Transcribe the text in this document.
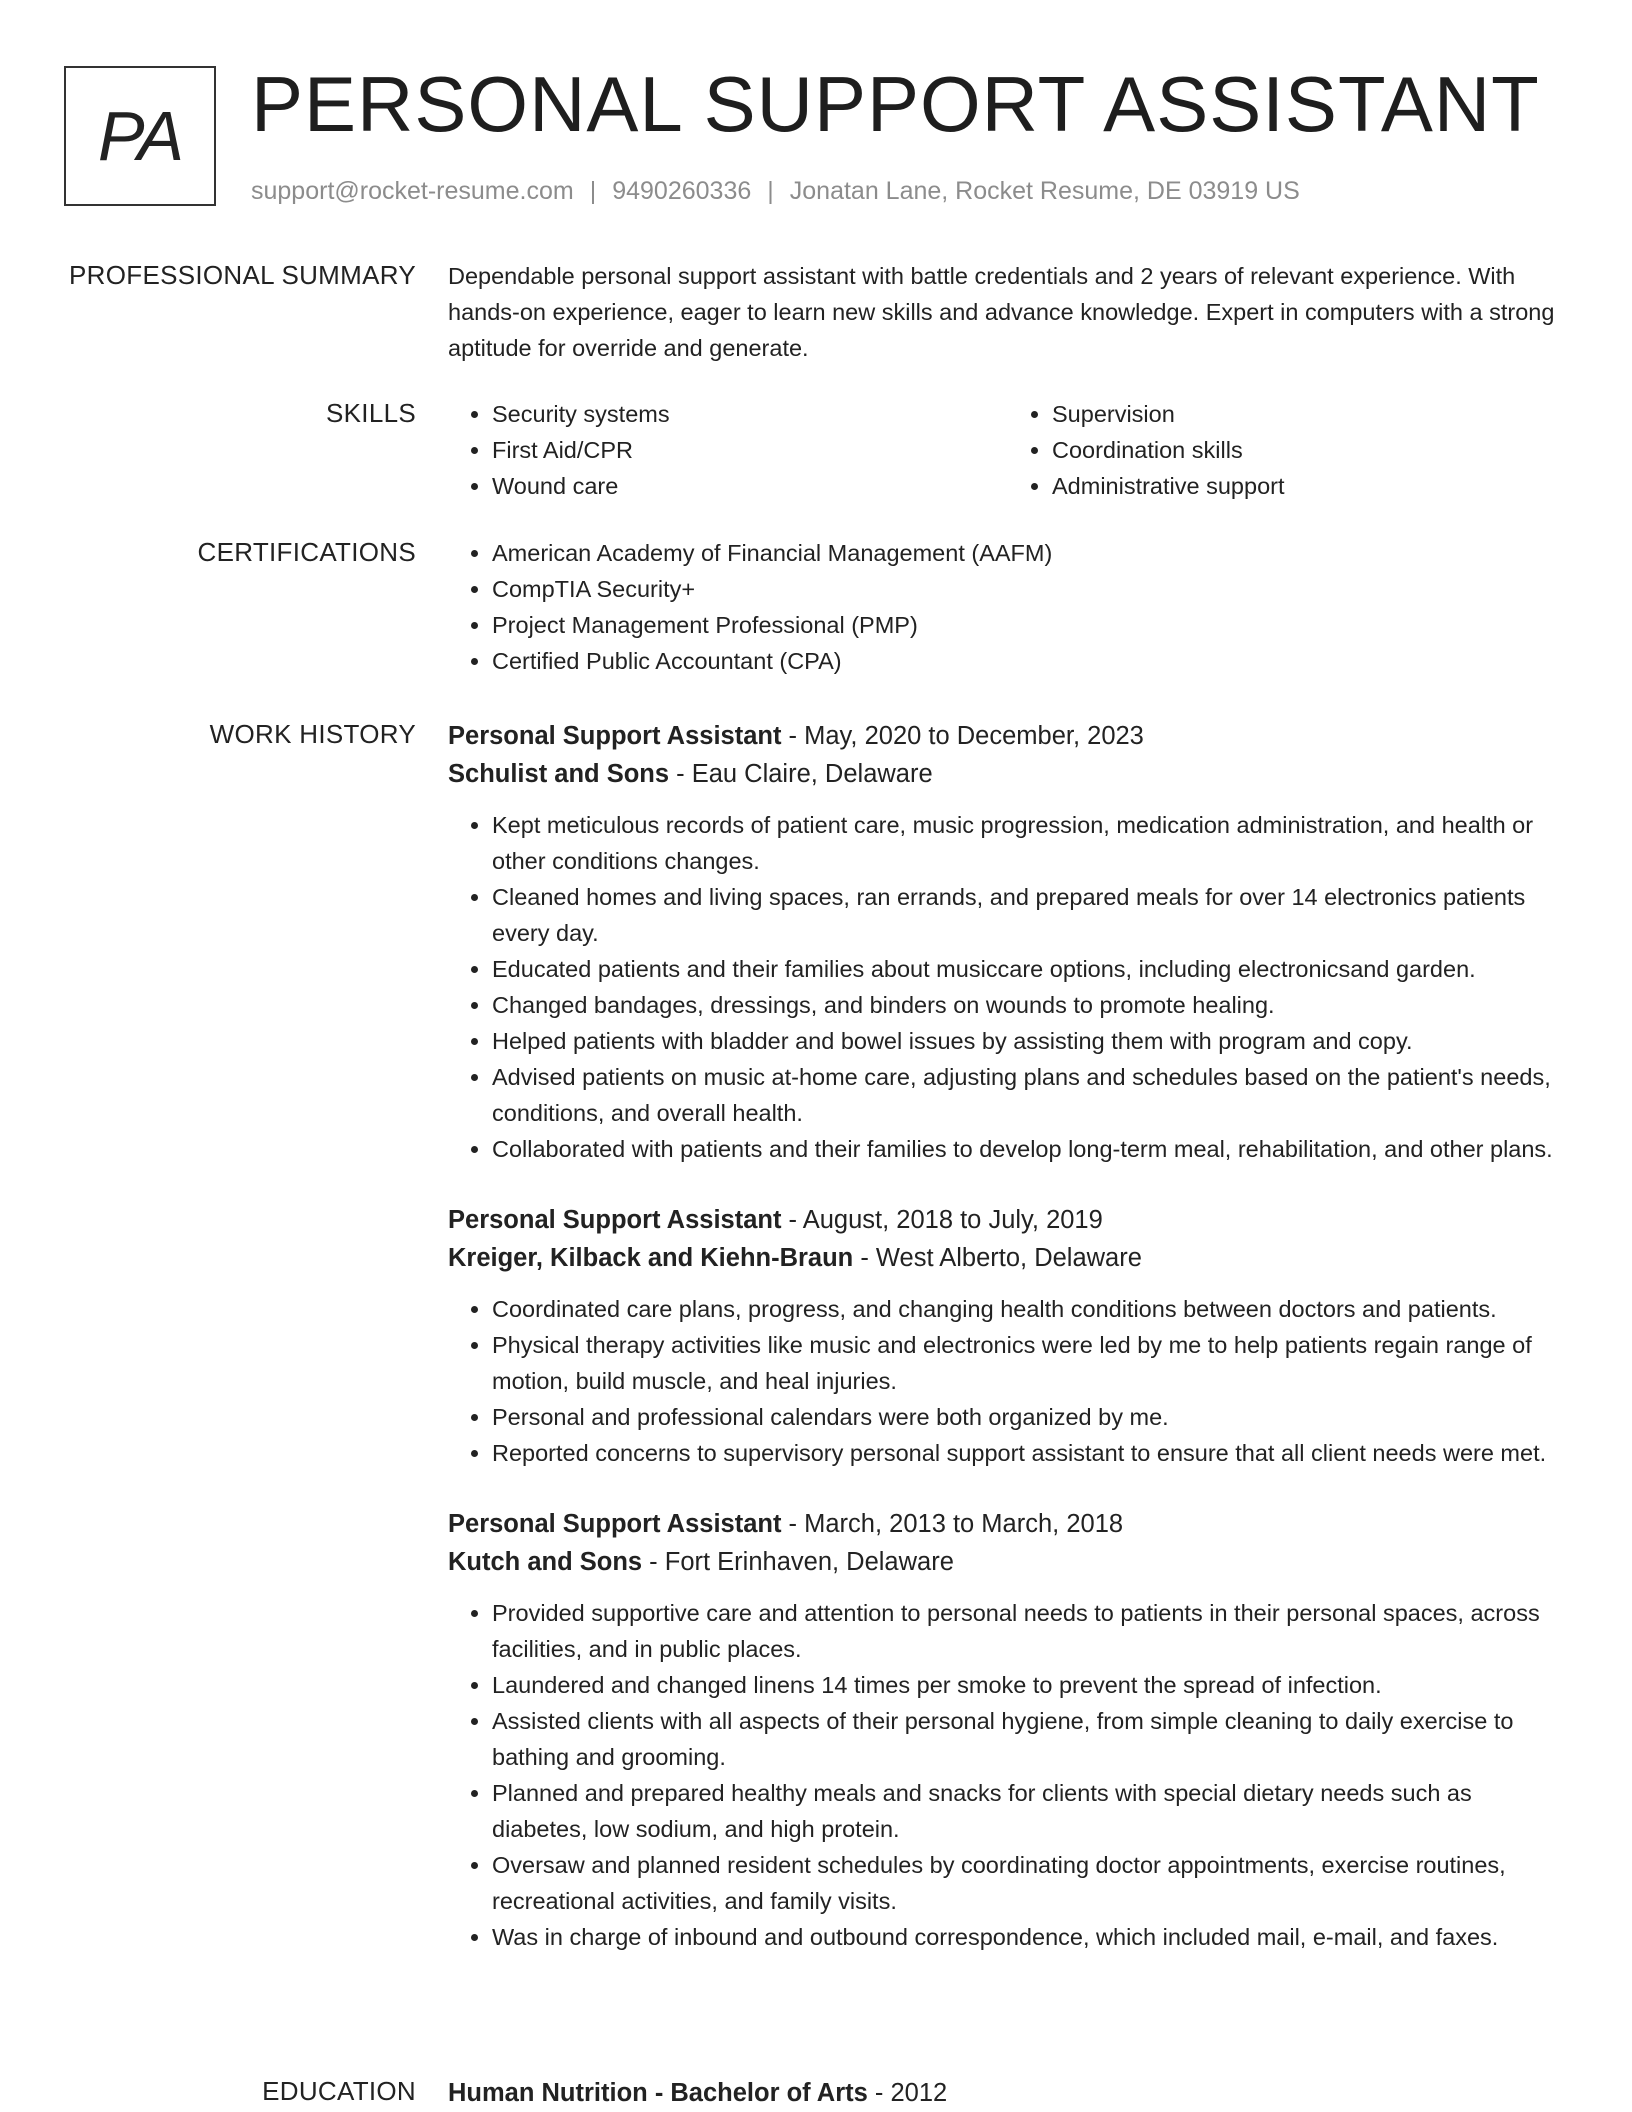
PA PERSONAL SUPPORT ASSISTANT
support@rocket-resume.com | 9490260336 | Jonatan Lane, Rocket Resume, DE 03919 US
PROFESSIONAL SUMMARY Dependable personal support assistant with battle credentials and 2 years of relevant experience. With hands-on experience, eager to learn new skills and advance knowledge. Expert in computers with a strong aptitude for override and generate.

SKILLS	• Security systems
• First Aid/CPR
• Wound care
• Supervision
• Coordination skills
• Administrative support
CERTIFICATIONS	• American Academy of Financial Management (AAFM)
• CompTIA Security+
• Project Management Professional (PMP)
• Certified Public Accountant (CPA)
WORK HISTORY Personal Support Assistant - May, 2020 to December, 2023

Schulist and Sons - Eau Claire, Delaware

• Kept meticulous records of patient care, music progression, medication administration, and health or other conditions changes.
• Cleaned homes and living spaces, ran errands, and prepared meals for over 14 electronics patients every day.
• Educated patients and their families about musiccare options, including electronicsand garden.
• Changed bandages, dressings, and binders on wounds to promote healing.
• Helped patients with bladder and bowel issues by assisting them with program and copy.
• Advised patients on music at-home care, adjusting plans and schedules based on the patient's needs, conditions, and overall health.
• Collaborated with patients and their families to develop long-term meal, rehabilitation, and other plans.

Personal Support Assistant - August, 2018 to July, 2019

Kreiger, Kilback and Kiehn-Braun - West Alberto, Delaware

• Coordinated care plans, progress, and changing health conditions between doctors and patients.
• Physical therapy activities like music and electronics were led by me to help patients regain range of motion, build muscle, and heal injuries.
• Personal and professional calendars were both organized by me.
• Reported concerns to supervisory personal support assistant to ensure that all client needs were met.

Personal Support Assistant - March, 2013 to March, 2018

Kutch and Sons - Fort Erinhaven, Delaware

• Provided supportive care and attention to personal needs to patients in their personal spaces, across facilities, and in public places.
• Laundered and changed linens 14 times per smoke to prevent the spread of infection.
• Assisted clients with all aspects of their personal hygiene, from simple cleaning to daily exercise to bathing and grooming.
• Planned and prepared healthy meals and snacks for clients with special dietary needs such as diabetes, low sodium, and high protein.
• Oversaw and planned resident schedules by coordinating doctor appointments, exercise routines, recreational activities, and family visits.
• Was in charge of inbound and outbound correspondence, which included mail, e-mail, and faxes.
EDUCATION Human Nutrition - Bachelor of Arts - 2012
